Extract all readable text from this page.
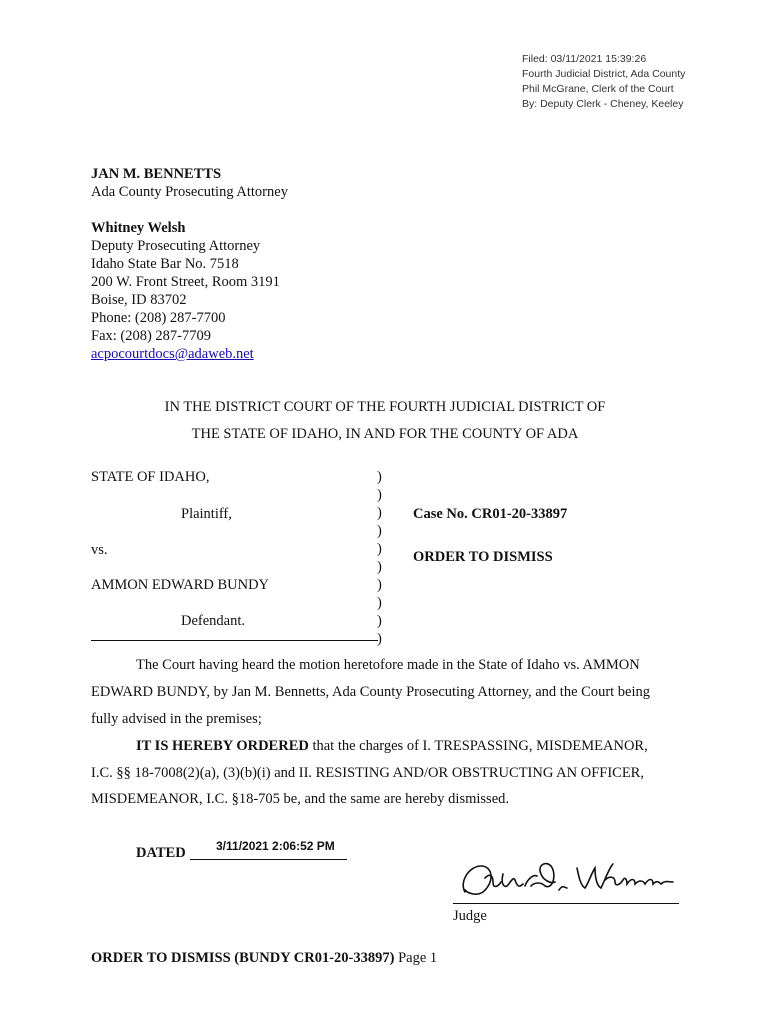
Filed: 03/11/2021 15:39:26
Fourth Judicial District, Ada County
Phil McGrane, Clerk of the Court
By: Deputy Clerk - Cheney, Keeley
JAN M. BENNETTS
Ada County Prosecuting Attorney
Whitney Welsh
Deputy Prosecuting Attorney
Idaho State Bar No. 7518
200 W. Front Street, Room 3191
Boise, ID 83702
Phone: (208) 287-7700
Fax: (208) 287-7709
acpocourtdocs@adaweb.net
IN THE DISTRICT COURT OF THE FOURTH JUDICIAL DISTRICT OF
THE STATE OF IDAHO, IN AND FOR THE COUNTY OF ADA
STATE OF IDAHO,
Plaintiff,
vs.
AMMON EDWARD BUNDY
Defendant.
)
)
)
)
)
)
)
)
)
)
Case No. CR01-20-33897
ORDER TO DISMISS
The Court having heard the motion heretofore made in the State of Idaho vs. AMMON
EDWARD BUNDY, by Jan M. Bennetts, Ada County Prosecuting Attorney, and the Court being
fully advised in the premises;
IT IS HEREBY ORDERED that the charges of I. TRESPASSING, MISDEMEANOR,
I.C. §§ 18-7008(2)(a), (3)(b)(i) and II. RESISTING AND/OR OBSTRUCTING AN OFFICER,
MISDEMEANOR, I.C. §18-705 be, and the same are hereby dismissed.
DATED	3/11/2021 2:06:52 PM
Judge
ORDER TO DISMISS (BUNDY CR01-20-33897) Page 1
